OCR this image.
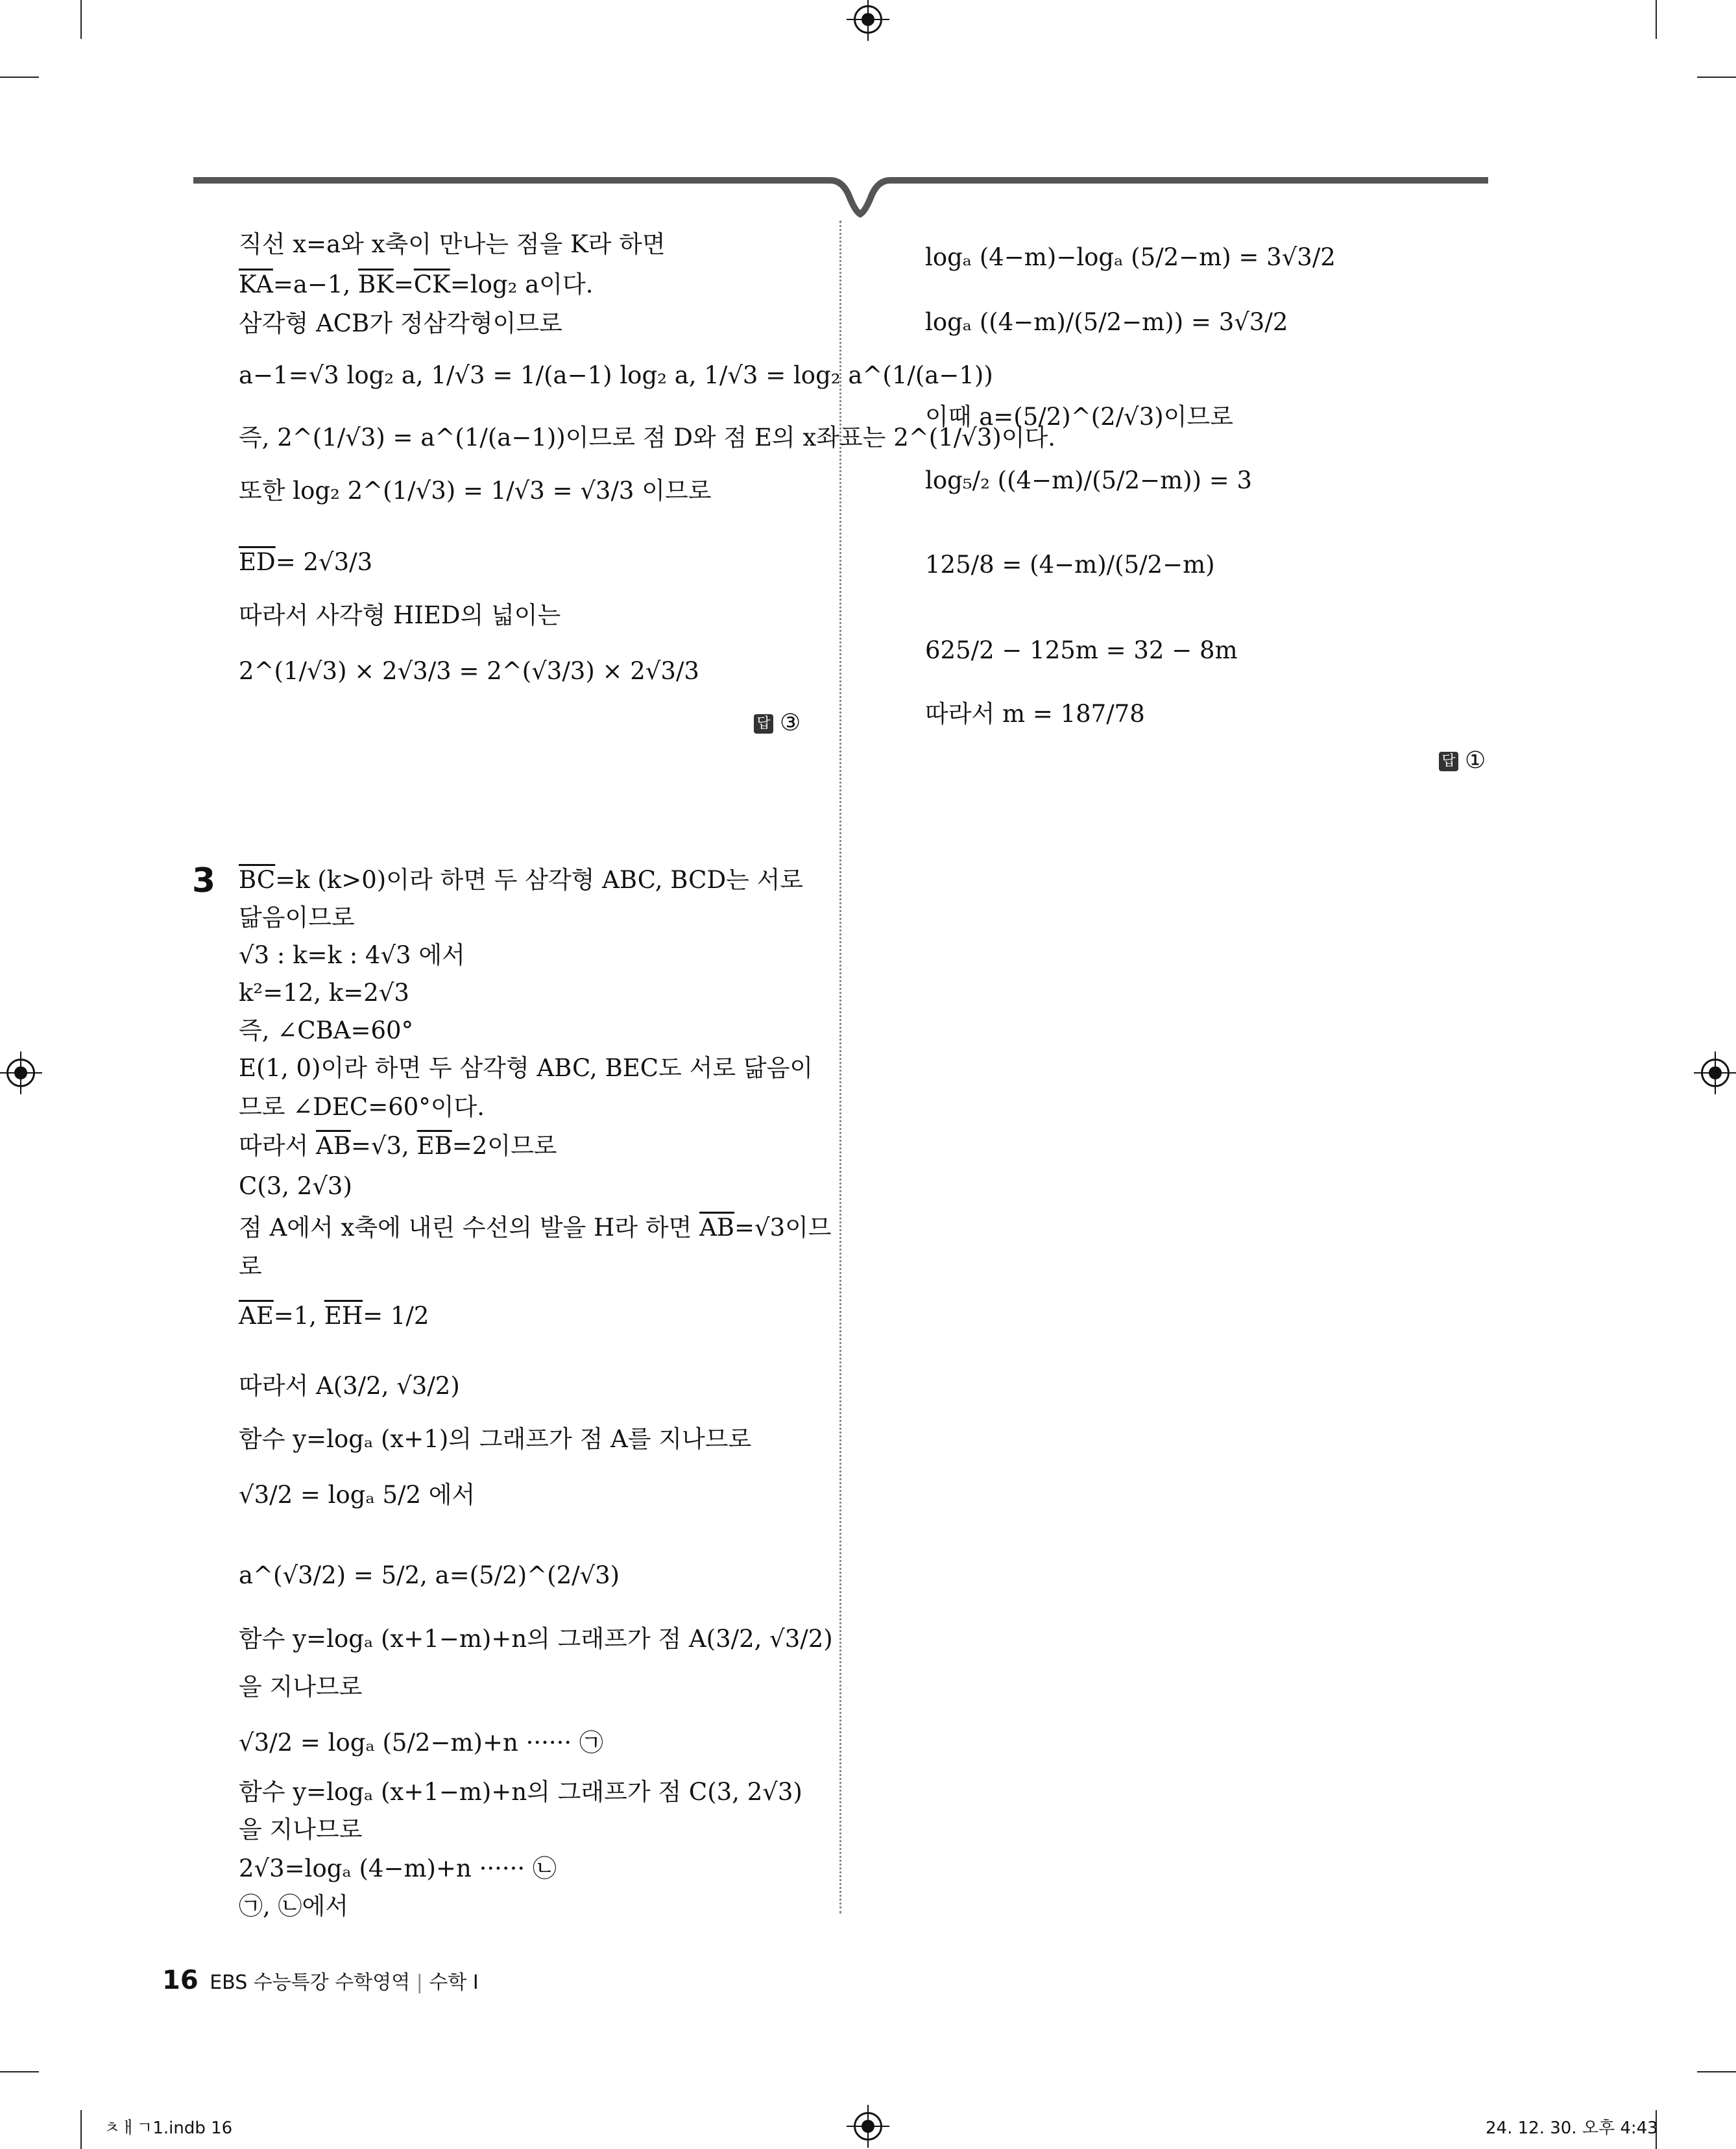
직선 x=a와 x축이 만나는 점을 K라 하면
$\overline{KA}=a-1$, $\overline{BK}=\overline{CK}=\log_2$ a이다.
삼각형 ACB가 정삼각형이므로
a−1=√3 log₂ a, 1/√3 = 1/(a−1) log₂ a, 1/√3 = log₂ a^(1/(a−1))
즉, 2^(1/√3) = a^(1/(a−1))이므로 점 D와 점 E의 x좌표는 2^(1/√3)이다.
또한 log₂ 2^(1/√3) = 1/√3 = √3/3 이므로
$\overline{ED}= 2√3/3$
따라서 사각형 HIED의 넓이는
2^(1/√3) × 2√3/3 = 2^(√3/3) × 2√3/3
답 ③
logₐ (4−m)−logₐ (5/2−m) = 3√3/2
logₐ ((4−m)/(5/2−m)) = 3√3/2
이때 a=(5/2)^(2/√3)이므로
log₅/₂ ((4−m)/(5/2−m)) = 3
125/8 = (4−m)/(5/2−m)
625/2 − 125m = 32 − 8m
따라서 m = 187/78
답 ①
3 $\overline{BC}=k$ (k>0)이라 하면 두 삼각형 ABC, BCD는 서로
닮음이므로
√3 : k=k : 4√3 에서
k²=12, k=2√3
즉, ∠CBA=60°
E(1, 0)이라 하면 두 삼각형 ABC, BEC도 서로 닮음이
므로 ∠DEC=60°이다.
따라서 $\overline{AB}=√3$, $\overline{EB}=2$이므로
C(3, 2√3)
점 A에서 x축에 내린 수선의 발을 H라 하면 $\overline{AB}=√3$이므
로
$\overline{AE}=1$, $\overline{EH}= 1/2$
따라서 A(3/2, √3/2)
함수 y=logₐ (x+1)의 그래프가 점 A를 지나므로
√3/2 = logₐ 5/2 에서
a^(√3/2) = 5/2, a=(5/2)^(2/√3)
함수 y=logₐ (x+1−m)+n의 그래프가 점 A(3/2, √3/2)
을 지나므로
√3/2 = logₐ (5/2−m)+n ······ ㉠
함수 y=logₐ (x+1−m)+n의 그래프가 점 C(3, 2√3)
을 지나므로
2√3=logₐ (4−m)+n ······ ㉡
㉠, ㉡에서
16 EBS 수능특강 수학영역 | 수학 I
ㅊㅐㄱ1.indb 16	24. 12. 30. 오후 4:43
